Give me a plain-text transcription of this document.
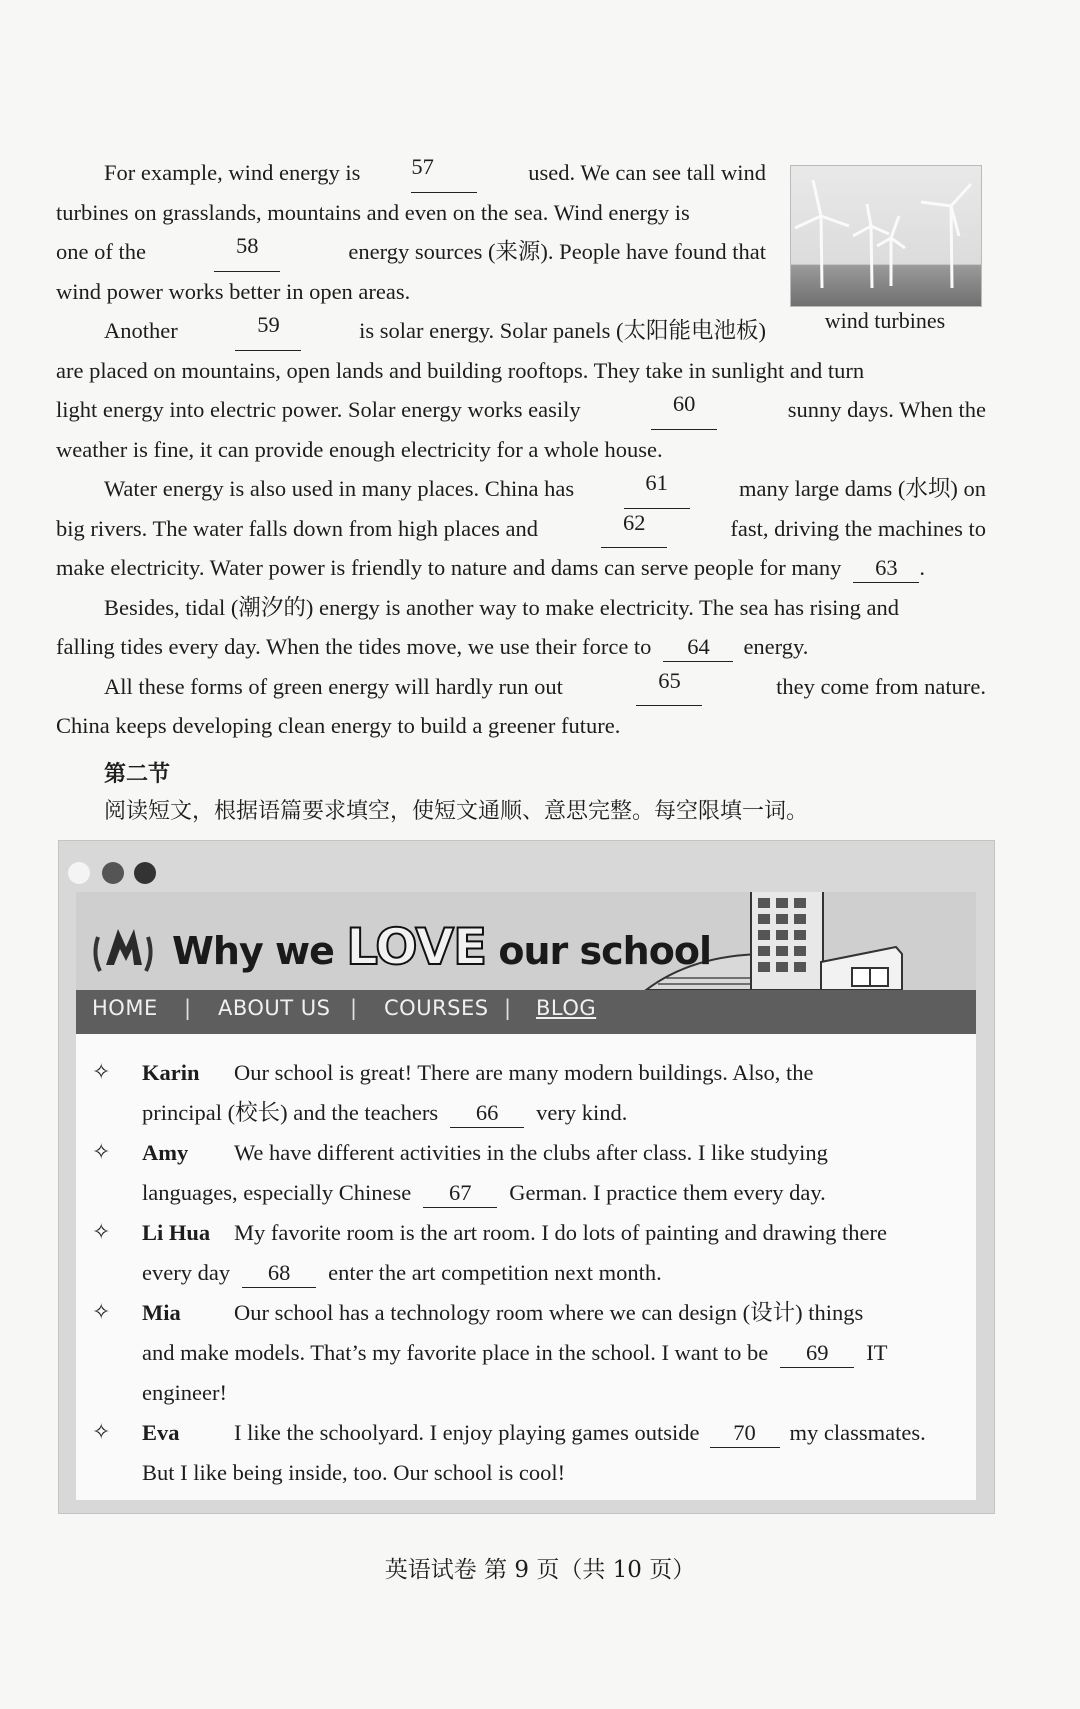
For example, wind energy is 57	used. We can see tall wind
turbines on grasslands, mountains and even on the sea. Wind energy is
one of the	58	energy sources (来源). People have found that
wind power works better in open areas.
Another	59	is solar energy. Solar panels (太阳能电池板)
are placed on mountains, open lands and building rooftops. They take in sunlight and turn
light energy into electric power. Solar energy works easily	60	sunny days. When the
weather is fine, it can provide enough electricity for a whole house.
Water energy is also used in many places. China has	61	many large dams (水坝) on
big rivers. The water falls down from high places and	62	fast, driving the machines to
make electricity. Water power is friendly to nature and dams can serve people for many 63 .
Besides, tidal (潮汐的) energy is another way to make electricity. The sea has rising and
falling tides every day. When the tides move, we use their force to 64 energy.
All these forms of green energy will hardly run out	65	they come from nature.
China keeps developing clean energy to build a greener future.
wind turbines
第二节
阅读短文，根据语篇要求填空，使短文通顺、意思完整。每空限填一词。
Why we LOVE our school
HOME | ABOUT US | COURSES | BLOG
✧ Karin	Our school is great! There are many modern buildings. Also, the
principal (校长) and the teachers 66 very kind.
✧ Amy	We have different activities in the clubs after class. I like studying
languages, especially Chinese 67 German. I practice them every day.
✧ Li Hua	My favorite room is the art room. I do lots of painting and drawing there
every day 68 enter the art competition next month.
✧ Mia	Our school has a technology room where we can design (设计) things
and make models. That’s my favorite place in the school. I want to be 69 IT
engineer!
✧	Eva I like the schoolyard. I enjoy playing games outside 70 my classmates.
But I like being inside, too. Our school is cool!
英语试卷 第 9 页（共 10 页）
